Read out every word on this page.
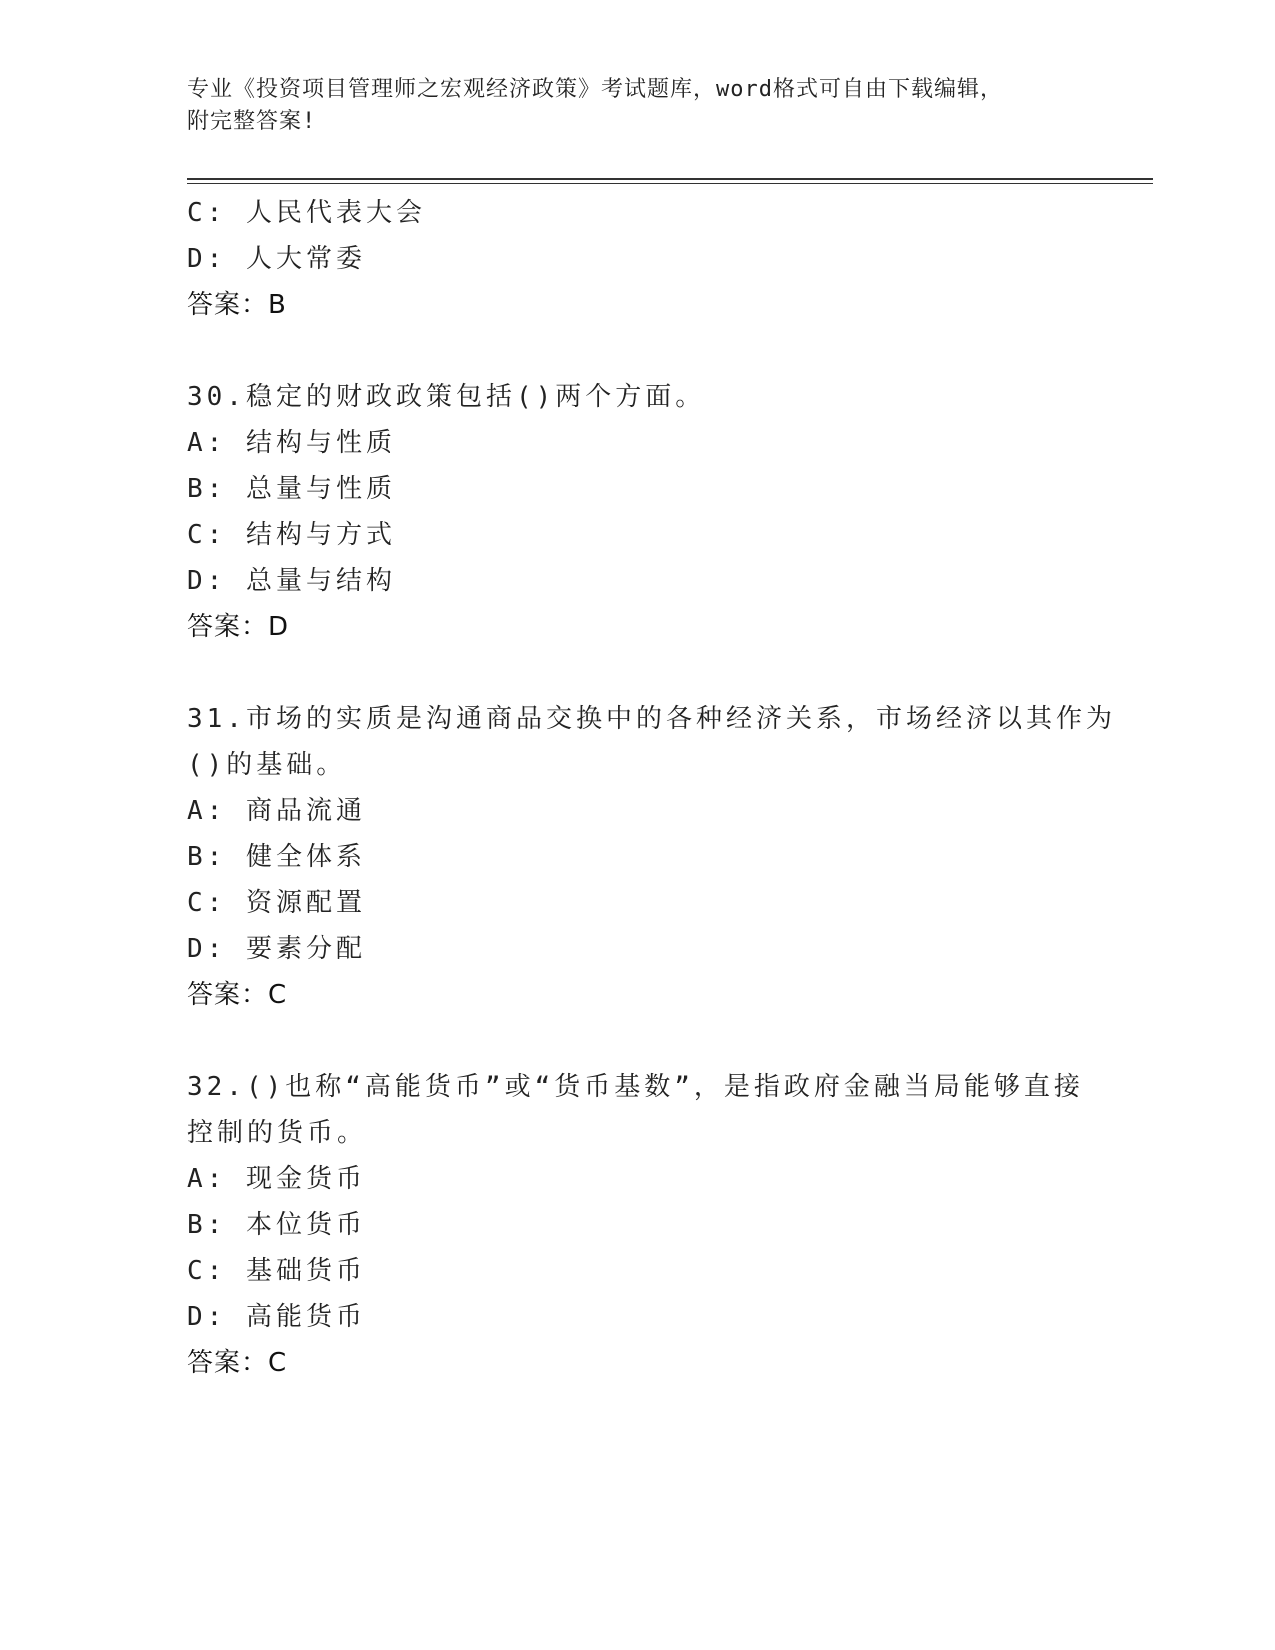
专业《投资项目管理师之宏观经济政策》考试题库，word格式可自由下载编辑，
附完整答案!
C: 人民代表大会
D: 人大常委
答案：B
30.稳定的财政政策包括()两个方面。
A: 结构与性质
B: 总量与性质
C: 结构与方式
D: 总量与结构
答案：D
31.市场的实质是沟通商品交换中的各种经济关系，市场经济以其作为
()的基础。
A: 商品流通
B: 健全体系
C: 资源配置
D: 要素分配
答案：C
32.()也称“高能货币”或“货币基数”，是指政府金融当局能够直接
控制的货币。
A: 现金货币
B: 本位货币
C: 基础货币
D: 高能货币
答案：C
